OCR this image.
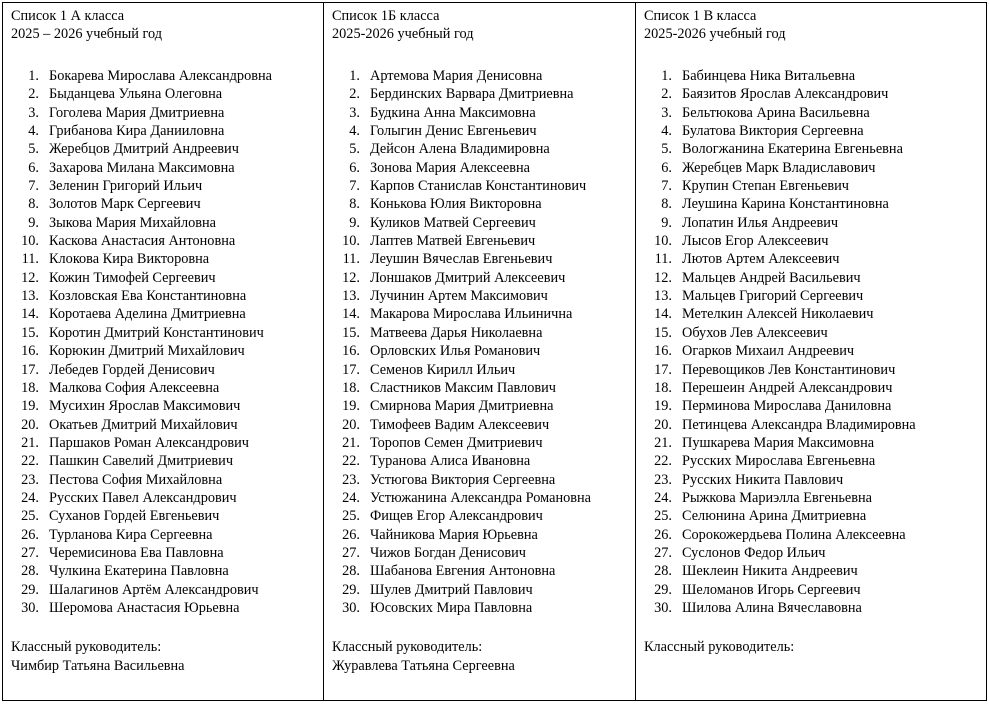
Список 1 А класса
2025 – 2026 учебный год
1. Бокарева Мирослава Александровна
2. Быданцева Ульяна Олеговна
3. Гоголева Мария Дмитриевна
4. Грибанова Кира Данииловна
5. Жеребцов Дмитрий Андреевич
6. Захарова Милана Максимовна
7. Зеленин Григорий Ильич
8. Золотов Марк Сергеевич
9. Зыкова Мария Михайловна
10. Каскова Анастасия Антоновна
11. Клокова Кира Викторовна
12. Кожин Тимофей Сергеевич
13. Козловская Ева Константиновна
14. Коротаева Аделина Дмитриевна
15. Коротин Дмитрий Константинович
16. Корюкин Дмитрий Михайлович
17. Лебедев Гордей Денисович
18. Малкова София Алексеевна
19. Мусихин Ярослав Максимович
20. Окатьев Дмитрий Михайлович
21. Паршаков Роман Александрович
22. Пашкин Савелий Дмитриевич
23. Пестова София Михайловна
24. Русских Павел Александрович
25. Суханов Гордей Евгеньевич
26. Турланова Кира Сергеевна
27. Черемисинова Ева Павловна
28. Чулкина Екатерина Павловна
29. Шалагинов Артём Александрович
30. Шеромова Анастасия Юрьевна
Классный руководитель:
Чимбир Татьяна Васильевна
Список 1Б класса
2025-2026 учебный год
1. Артемова Мария Денисовна
2. Бердинских Варвара Дмитриевна
3. Будкина Анна Максимовна
4. Голыгин Денис Евгеньевич
5. Дейсон Алена Владимировна
6. Зонова Мария Алексеевна
7. Карпов Станислав Константинович
8. Конькова Юлия Викторовна
9. Куликов Матвей Сергеевич
10. Лаптев Матвей Евгеньевич
11. Леушин Вячеслав Евгеньевич
12. Лоншаков Дмитрий Алексеевич
13. Лучинин Артем Максимович
14. Макарова Мирослава Ильинична
15. Матвеева Дарья Николаевна
16. Орловских Илья Романович
17. Семенов Кирилл Ильич
18. Сластников Максим Павлович
19. Смирнова Мария Дмитриевна
20. Тимофеев Вадим Алексеевич
21. Торопов Семен Дмитриевич
22. Туранова Алиса Ивановна
23. Устюгова Виктория Сергеевна
24. Устюжанина Александра Романовна
25. Фищев Егор Александрович
26. Чайникова Мария Юрьевна
27. Чижов Богдан Денисович
28. Шабанова Евгения Антоновна
29. Шулев Дмитрий Павлович
30. Юсовских Мира Павловна
Классный руководитель:
Журавлева Татьяна Сергеевна
Список 1 В класса
2025-2026 учебный год
1. Бабинцева Ника Витальевна
2. Баязитов Ярослав Александрович
3. Бельтюкова Арина Васильевна
4. Булатова Виктория Сергеевна
5. Вологжанина Екатерина Евгеньевна
6. Жеребцев Марк Владиславович
7. Крупин Степан Евгеньевич
8. Леушина Карина Константиновна
9. Лопатин Илья Андреевич
10. Лысов Егор Алексеевич
11. Лютов Артем Алексеевич
12. Мальцев Андрей Васильевич
13. Мальцев Григорий Сергеевич
14. Метелкин Алексей Николаевич
15. Обухов Лев Алексеевич
16. Огарков Михаил Андреевич
17. Перевощиков Лев Константинович
18. Перешеин Андрей Александрович
19. Перминова Мирослава Даниловна
20. Петинцева Александра Владимировна
21. Пушкарева Мария Максимовна
22. Русских Мирослава Евгеньевна
23. Русских Никита Павлович
24. Рыжкова Мариэлла Евгеньевна
25. Селюнина Арина Дмитриевна
26. Сорокожердьева Полина Алексеевна
27. Суслонов Федор Ильич
28. Шеклеин Никита Андреевич
29. Шеломанов Игорь Сергеевич
30. Шилова Алина Вячеславовна
Классный руководитель:
